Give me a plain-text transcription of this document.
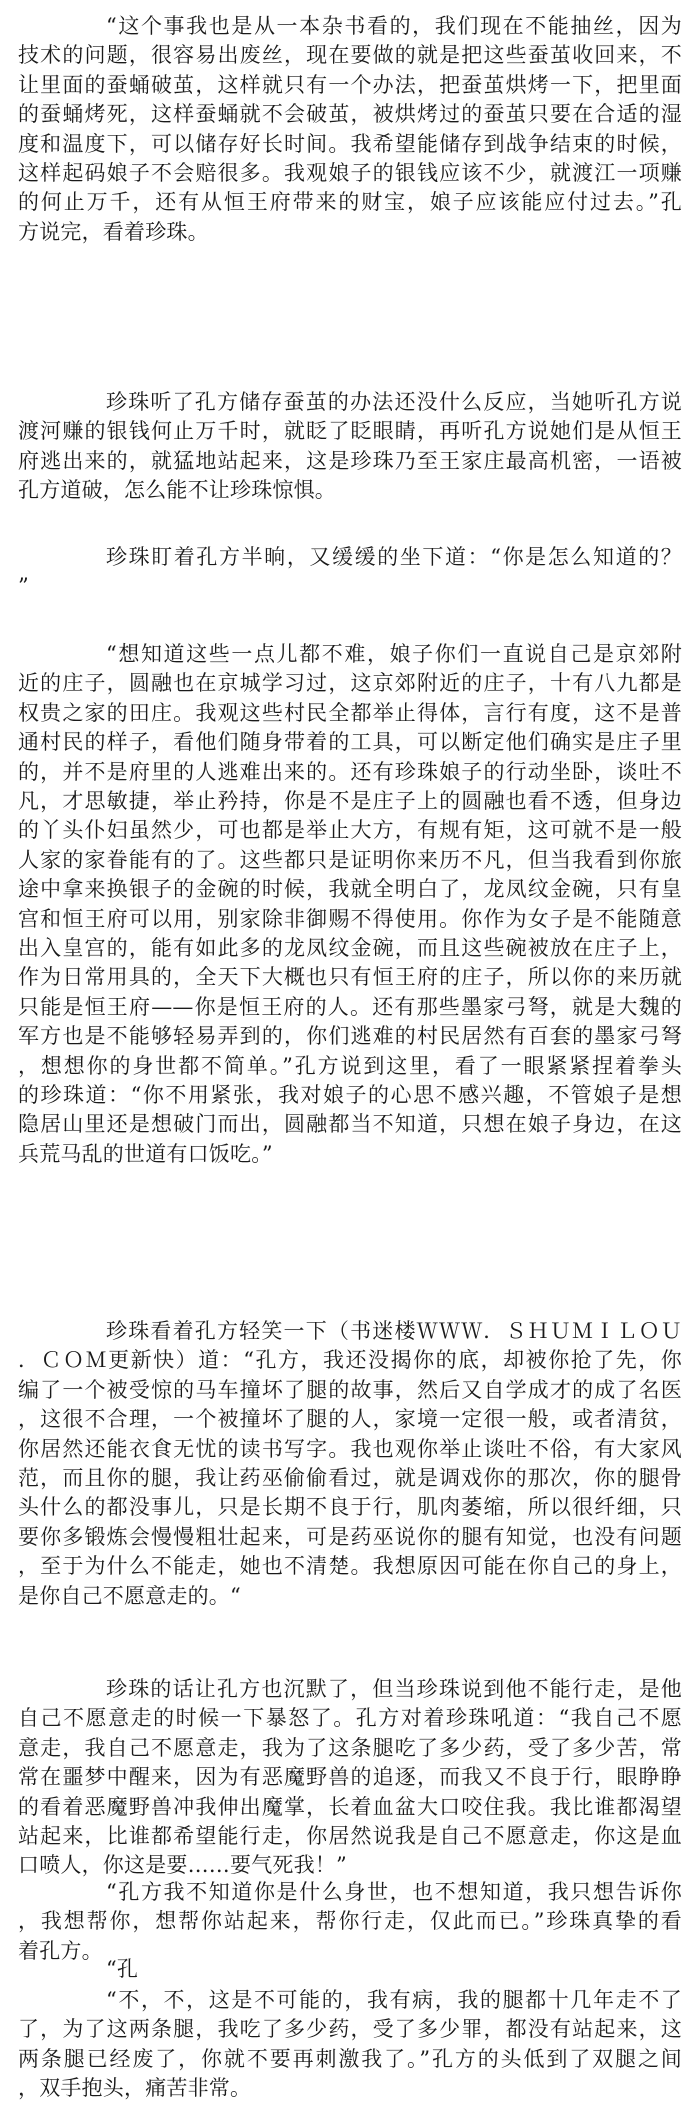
“这个事我也是从一本杂书看的，我们现在不能抽丝，因为
技术的问题，很容易出废丝，现在要做的就是把这些蚕茧收回来，不
让里面的蚕蛹破茧，这样就只有一个办法，把蚕茧烘烤一下，把里面
的蚕蛹烤死，这样蚕蛹就不会破茧，被烘烤过的蚕茧只要在合适的湿
度和温度下，可以储存好长时间。我希望能储存到战争结束的时候，
这样起码娘子不会赔很多。我观娘子的银钱应该不少，就渡江一项赚
的何止万千，还有从恒王府带来的财宝，娘子应该能应付过去。”孔
方说完，看着珍珠。
珍珠听了孔方储存蚕茧的办法还没什么反应，当她听孔方说
渡河赚的银钱何止万千时，就眨了眨眼睛，再听孔方说她们是从恒王
府逃出来的，就猛地站起来，这是珍珠乃至王家庄最高机密，一语被
孔方道破，怎么能不让珍珠惊惧。
珍珠盯着孔方半晌，又缓缓的坐下道：“你是怎么知道的？
”
“想知道这些一点儿都不难，娘子你们一直说自己是京郊附
近的庄子，圆融也在京城学习过，这京郊附近的庄子，十有八九都是
权贵之家的田庄。我观这些村民全都举止得体，言行有度，这不是普
通村民的样子，看他们随身带着的工具，可以断定他们确实是庄子里
的，并不是府里的人逃难出来的。还有珍珠娘子的行动坐卧，谈吐不
凡，才思敏捷，举止矜持，你是不是庄子上的圆融也看不透，但身边
的丫头仆妇虽然少，可也都是举止大方，有规有矩，这可就不是一般
人家的家眷能有的了。这些都只是证明你来历不凡，但当我看到你旅
途中拿来换银子的金碗的时候，我就全明白了，龙凤纹金碗，只有皇
宫和恒王府可以用，别家除非御赐不得使用。你作为女子是不能随意
出入皇宫的，能有如此多的龙凤纹金碗，而且这些碗被放在庄子上，
作为日常用具的，全天下大概也只有恒王府的庄子，所以你的来历就
只能是恒王府——你是恒王府的人。还有那些墨家弓弩，就是大魏的
军方也是不能够轻易弄到的，你们逃难的村民居然有百套的墨家弓弩
，想想你的身世都不简单。”孔方说到这里，看了一眼紧紧捏着拳头
的珍珠道：“你不用紧张，我对娘子的心思不感兴趣，不管娘子是想
隐居山里还是想破门而出，圆融都当不知道，只想在娘子身边，在这
兵荒马乱的世道有口饭吃。”
珍珠看着孔方轻笑一下（书迷楼ＷＷＷ．ＳＨＵＭＩＬＯＵ
．ＣＯＭ更新快）道：“孔方，我还没揭你的底，却被你抢了先，你
编了一个被受惊的马车撞坏了腿的故事，然后又自学成才的成了名医
，这很不合理，一个被撞坏了腿的人，家境一定很一般，或者清贫，
你居然还能衣食无忧的读书写字。我也观你举止谈吐不俗，有大家风
范，而且你的腿，我让药巫偷偷看过，就是调戏你的那次，你的腿骨
头什么的都没事儿，只是长期不良于行，肌肉萎缩，所以很纤细，只
要你多锻炼会慢慢粗壮起来，可是药巫说你的腿有知觉，也没有问题
，至于为什么不能走，她也不清楚。我想原因可能在你自己的身上，
是你自己不愿意走的。“
珍珠的话让孔方也沉默了，但当珍珠说到他不能行走，是他
自己不愿意走的时候一下暴怒了。孔方对着珍珠吼道：“我自己不愿
意走，我自己不愿意走，我为了这条腿吃了多少药，受了多少苦，常
常在噩梦中醒来，因为有恶魔野兽的追逐，而我又不良于行，眼睁睁
的看着恶魔野兽冲我伸出魔掌，长着血盆大口咬住我。我比谁都渴望
站起来，比谁都希望能行走，你居然说我是自己不愿意走，你这是血
口喷人，你这是要……要气死我！”
“孔方我不知道你是什么身世，也不想知道，我只想告诉你
，我想帮你，想帮你站起来，帮你行走，仅此而已。”珍珠真挚的看
着孔方。
“不，不，这是不可能的，我有病，我的腿都十几年走不了
了，为了这两条腿，我吃了多少药，受了多少罪，都没有站起来，这
两条腿已经废了，你就不要再刺激我了。”孔方的头低到了双腿之间
，双手抱头，痛苦非常。
“孔
